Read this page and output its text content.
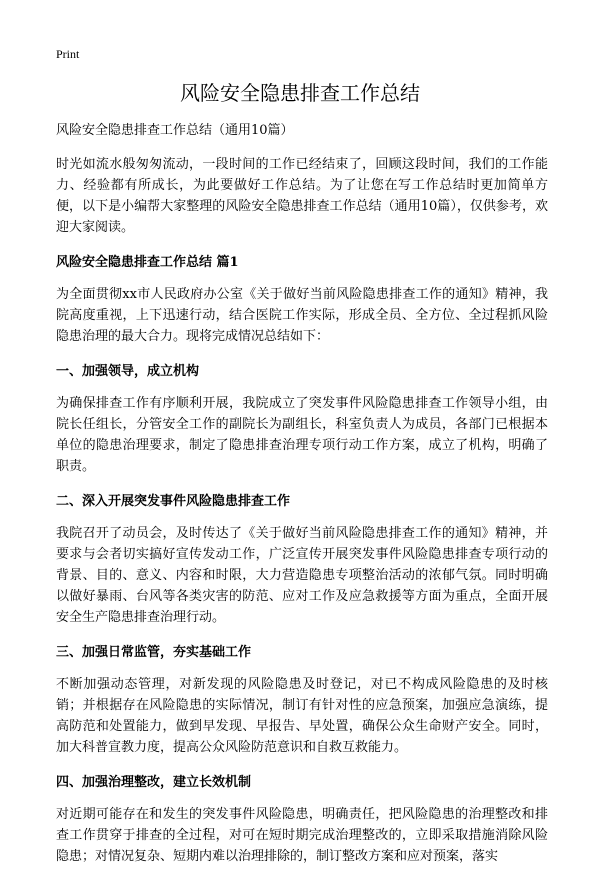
Print
风险安全隐患排查工作总结

风险安全隐患排查工作总结（通用10篇）

时光如流水般匆匆流动，一段时间的工作已经结束了，回顾这段时间，我们的工作能力、经验都有所成长，为此要做好工作总结。为了让您在写工作总结时更加简单方便，以下是小编帮大家整理的风险安全隐患排查工作总结（通用10篇），仅供参考，欢迎大家阅读。

风险安全隐患排查工作总结 篇1

为全面贯彻xx市人民政府办公室《关于做好当前风险隐患排查工作的通知》精神，我院高度重视，上下迅速行动，结合医院工作实际，形成全员、全方位、全过程抓风险隐患治理的最大合力。现将完成情况总结如下：

一、加强领导，成立机构

为确保排查工作有序顺利开展，我院成立了突发事件风险隐患排查工作领导小组，由院长任组长，分管安全工作的副院长为副组长，科室负责人为成员，各部门已根据本单位的隐患治理要求，制定了隐患排查治理专项行动工作方案，成立了机构，明确了职责。

二、深入开展突发事件风险隐患排查工作

我院召开了动员会，及时传达了《关于做好当前风险隐患排查工作的通知》精神，并要求与会者切实搞好宣传发动工作，广泛宣传开展突发事件风险隐患排查专项行动的背景、目的、意义、内容和时限，大力营造隐患专项整治活动的浓郁气氛。同时明确以做好暴雨、台风等各类灾害的防范、应对工作及应急救援等方面为重点，全面开展安全生产隐患排查治理行动。

三、加强日常监管，夯实基础工作

不断加强动态管理，对新发现的风险隐患及时登记，对已不构成风险隐患的及时核销；并根据存在风险隐患的实际情况，制订有针对性的应急预案，加强应急演练，提高防范和处置能力，做到早发现、早报告、早处置，确保公众生命财产安全。同时，加大科普宣教力度，提高公众风险防范意识和自救互救能力。

四、加强治理整改，建立长效机制

对近期可能存在和发生的突发事件风险隐患，明确责任，把风险隐患的治理整改和排查工作贯穿于排查的全过程，对可在短时期完成治理整改的，立即采取措施消除风险隐患；对情况复杂、短期内难以治理排除的，制订整改方案和应对预案，落实
